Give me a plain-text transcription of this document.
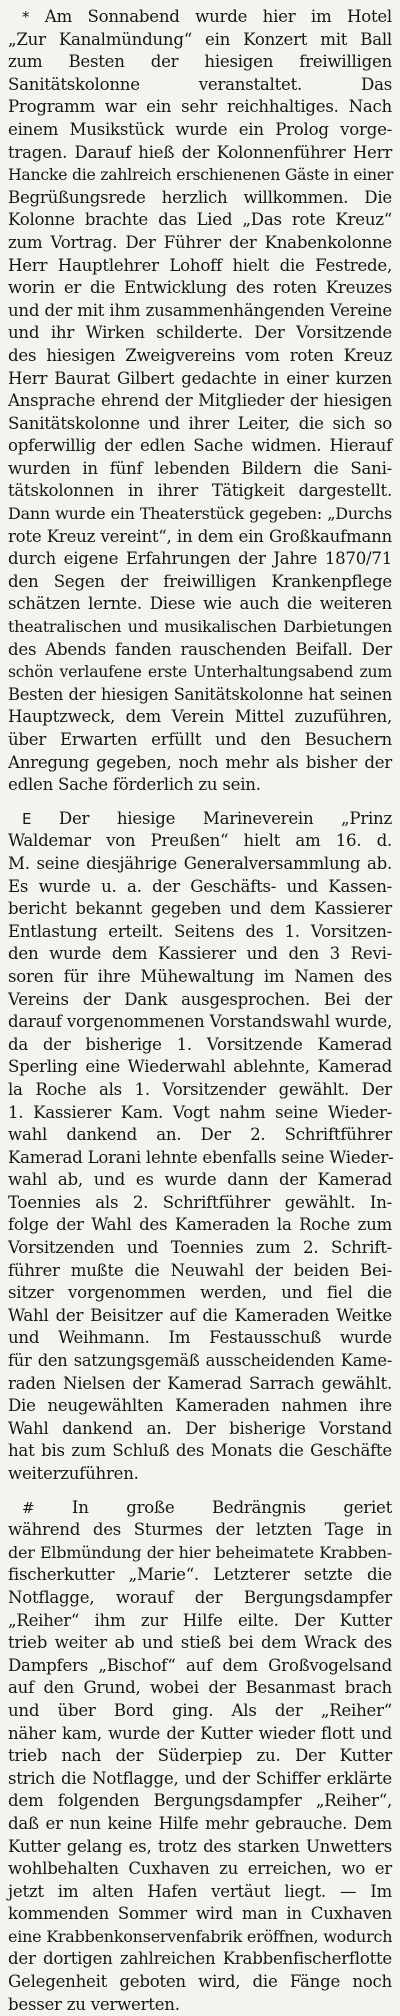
* Am Sonnabend wurde hier im Hotel
„Zur Kanalmündung“ ein Konzert mit Ball
zum Besten der hiesigen freiwilligen
Sanitätskolonne veranstaltet. Das
Programm war ein sehr reichhaltiges. Nach
einem Musikstück wurde ein Prolog vorge-
tragen. Darauf hieß der Kolonnenführer Herr
Hancke die zahlreich erschienenen Gäste in einer
Begrüßungsrede herzlich willkommen. Die
Kolonne brachte das Lied „Das rote Kreuz“
zum Vortrag. Der Führer der Knabenkolonne
Herr Hauptlehrer Lohoff hielt die Festrede,
worin er die Entwicklung des roten Kreuzes
und der mit ihm zusammenhängenden Vereine
und ihr Wirken schilderte. Der Vorsitzende
des hiesigen Zweigvereins vom roten Kreuz
Herr Baurat Gilbert gedachte in einer kurzen
Ansprache ehrend der Mitglieder der hiesigen
Sanitätskolonne und ihrer Leiter, die sich so
opferwillig der edlen Sache widmen. Hierauf
wurden in fünf lebenden Bildern die Sani-
tätskolonnen in ihrer Tätigkeit dargestellt.
Dann wurde ein Theaterstück gegeben: „Durchs
rote Kreuz vereint“, in dem ein Großkaufmann
durch eigene Erfahrungen der Jahre 1870/71
den Segen der freiwilligen Krankenpflege
schätzen lernte. Diese wie auch die weiteren
theatralischen und musikalischen Darbietungen
des Abends fanden rauschenden Beifall. Der
schön verlaufene erste Unterhaltungsabend zum
Besten der hiesigen Sanitätskolonne hat seinen
Hauptzweck, dem Verein Mittel zuzuführen,
über Erwarten erfüllt und den Besuchern
Anregung gegeben, noch mehr als bisher der
edlen Sache förderlich zu sein.
E Der hiesige Marineverein „Prinz
Waldemar von Preußen“ hielt am 16. d.
M. seine diesjährige Generalversammlung ab.
Es wurde u. a. der Geschäfts- und Kassen-
bericht bekannt gegeben und dem Kassierer
Entlastung erteilt. Seitens des 1. Vorsitzen-
den wurde dem Kassierer und den 3 Revi-
soren für ihre Mühewaltung im Namen des
Vereins der Dank ausgesprochen. Bei der
darauf vorgenommenen Vorstandswahl wurde,
da der bisherige 1. Vorsitzende Kamerad
Sperling eine Wiederwahl ablehnte, Kamerad
la Roche als 1. Vorsitzender gewählt. Der
1. Kassierer Kam. Vogt nahm seine Wieder-
wahl dankend an. Der 2. Schriftführer
Kamerad Lorani lehnte ebenfalls seine Wieder-
wahl ab, und es wurde dann der Kamerad
Toennies als 2. Schriftführer gewählt. In-
folge der Wahl des Kameraden la Roche zum
Vorsitzenden und Toennies zum 2. Schrift-
führer mußte die Neuwahl der beiden Bei-
sitzer vorgenommen werden, und fiel die
Wahl der Beisitzer auf die Kameraden Weitke
und Weihmann. Im Festausschuß wurde
für den satzungsgemäß ausscheidenden Kame-
raden Nielsen der Kamerad Sarrach gewählt.
Die neugewählten Kameraden nahmen ihre
Wahl dankend an. Der bisherige Vorstand
hat bis zum Schluß des Monats die Geschäfte
weiterzuführen.
# In große Bedrängnis geriet
während des Sturmes der letzten Tage in
der Elbmündung der hier beheimatete Krabben-
fischerkutter „Marie“. Letzterer setzte die
Notflagge, worauf der Bergungsdampfer
„Reiher“ ihm zur Hilfe eilte. Der Kutter
trieb weiter ab und stieß bei dem Wrack des
Dampfers „Bischof“ auf dem Großvogelsand
auf den Grund, wobei der Besanmast brach
und über Bord ging. Als der „Reiher“
näher kam, wurde der Kutter wieder flott und
trieb nach der Süderpiep zu. Der Kutter
strich die Notflagge, und der Schiffer erklärte
dem folgenden Bergungsdampfer „Reiher“,
daß er nun keine Hilfe mehr gebrauche. Dem
Kutter gelang es, trotz des starken Unwetters
wohlbehalten Cuxhaven zu erreichen, wo er
jetzt im alten Hafen vertäut liegt. — Im
kommenden Sommer wird man in Cuxhaven
eine Krabbenkonservenfabrik eröffnen, wodurch
der dortigen zahlreichen Krabbenfischerflotte
Gelegenheit geboten wird, die Fänge noch
besser zu verwerten.
